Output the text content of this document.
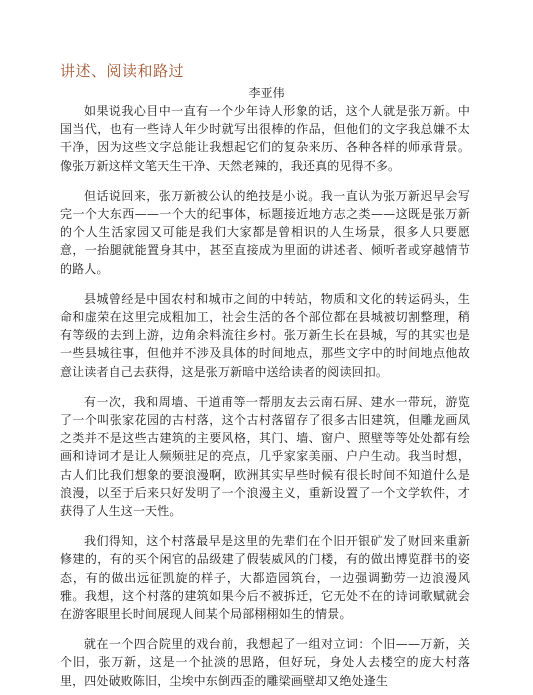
讲述、阅读和路过
李亚伟

如果说我心目中一直有一个少年诗人形象的话，这个人就是张万新。中国当代，也有一些诗人年少时就写出很棒的作品，但他们的文字我总嫌不太干净，因为这些文字总能让我想起它们的复杂来历、各种各样的师承背景。像张万新这样文笔天生干净、天然老辣的，我还真的见得不多。

但话说回来，张万新被公认的绝技是小说。我一直认为张万新迟早会写完一个大东西——一个大的纪事体，标题接近地方志之类——这既是张万新的个人生活家园又可能是我们大家都是曾相识的人生场景，很多人只要愿意，一抬腿就能置身其中，甚至直接成为里面的讲述者、倾听者或穿越情节的路人。

县城曾经是中国农村和城市之间的中转站，物质和文化的转运码头，生命和虚荣在这里完成粗加工，社会生活的各个部位都在县城被切割整理，稍有等级的去到上游，边角余料流往乡村。张万新生长在县城，写的其实也是一些县城往事，但他并不涉及具体的时间地点，那些文字中的时间地点他故意让读者自己去获得，这是张万新暗中送给读者的阅读回扣。

有一次，我和周墙、干道甫等一帮朋友去云南石屏、建水一带玩，游览了一个叫张家花园的古村落，这个古村落留存了很多古旧建筑，但雕龙画凤之类并不是这些古建筑的主要风格，其门、墙、窗户、照壁等等处处都有绘画和诗词才是让人频频驻足的亮点，几乎家家美丽、户户生动。我当时想，古人们比我们想象的要浪漫啊，欧洲其实早些时候有很长时间不知道什么是浪漫，以至于后来只好发明了一个浪漫主义，重新设置了一个文学软件，才获得了人生这一天性。

我们得知，这个村落最早是这里的先辈们在个旧开银矿发了财回来重新修建的，有的买个闲官的品级建了假装威风的门楼，有的做出博览群书的姿态，有的做出远征凯旋的样子，大都造园筑台，一边强调勤劳一边浪漫风雅。我想，这个村落的建筑如果今后不被拆迁，它无处不在的诗词歌赋就会在游客眼里长时间展现人间某个局部栩栩如生的情景。

就在一个四合院里的戏台前，我想起了一组对立词：个旧——万新，关个旧，张万新，这是一个扯淡的思路，但好玩，身处人去楼空的庞大村落里，四处破败陈旧，尘埃中东倒西歪的雕梁画壁却又绝处逢生
